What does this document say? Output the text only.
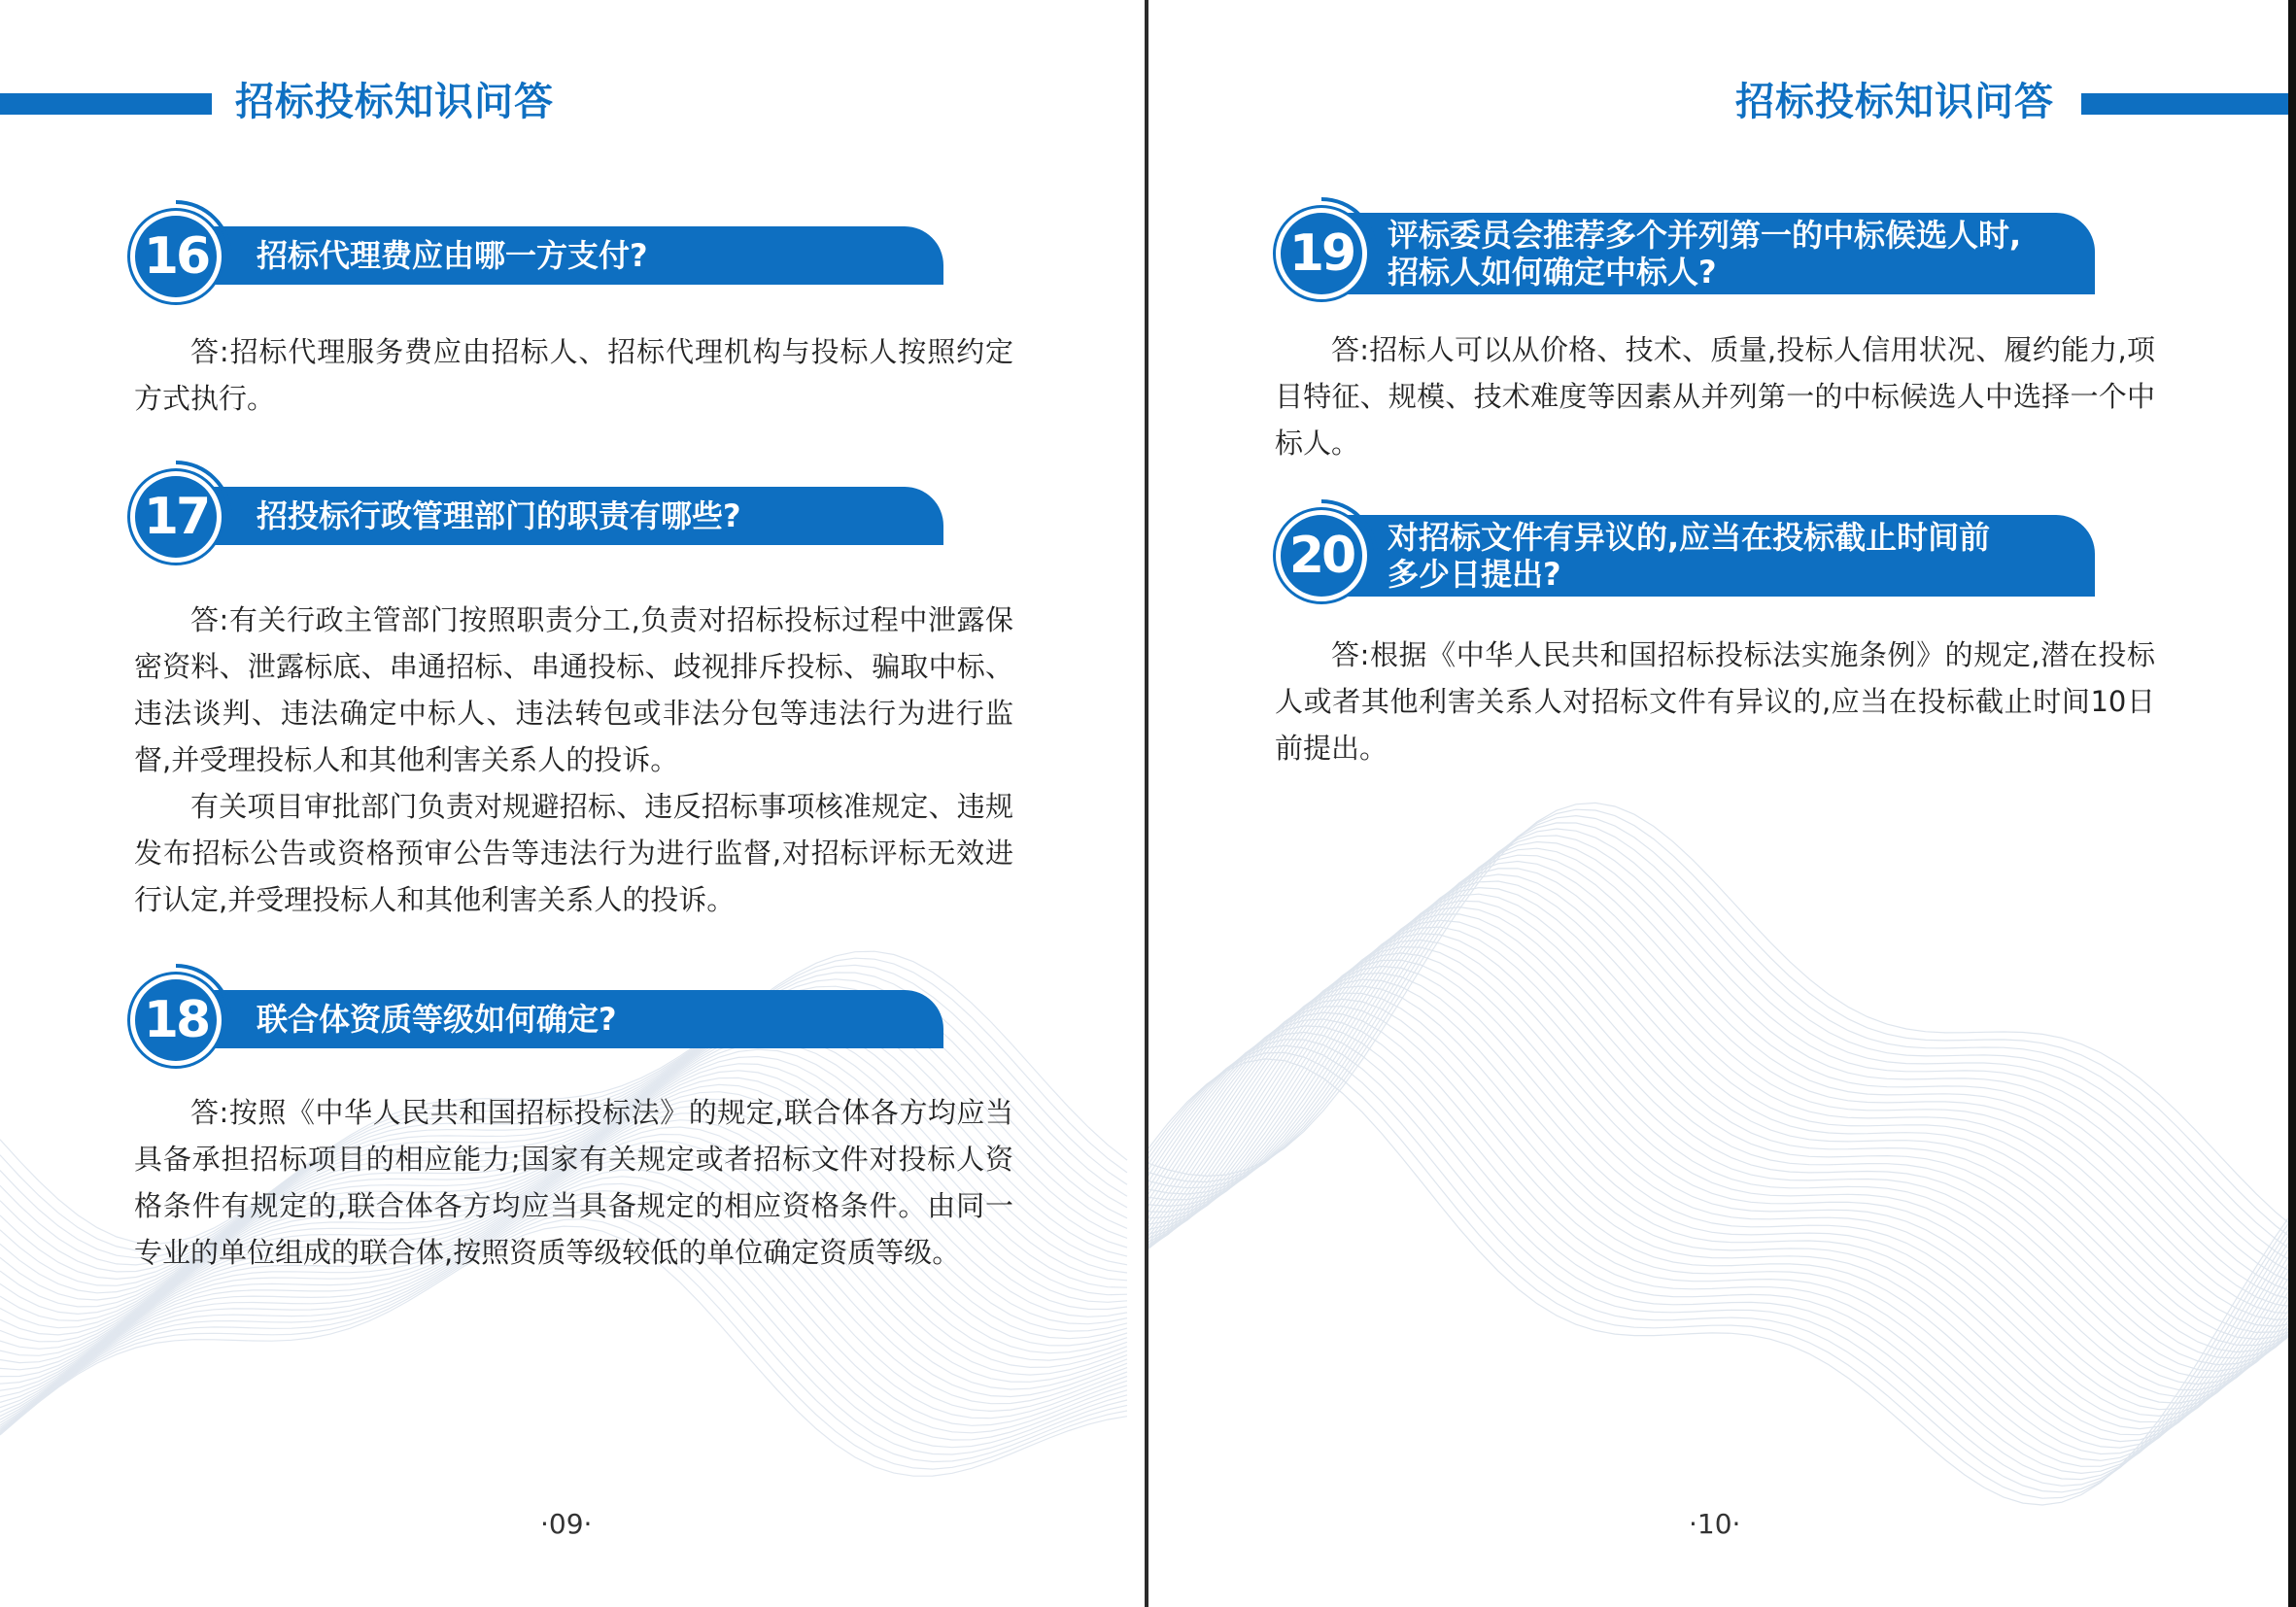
招标投标知识问答
16	招标代理费应由哪一方支付?

答:招标代理服务费应由招标人、招标代理机构与投标人按照约定方式执行。

17	招投标行政管理部门的职责有哪些?

答:有关行政主管部门按照职责分工,负责对招标投标过程中泄露保密资料、泄露标底、串通招标、串通投标、歧视排斥投标、骗取中标、违法谈判、违法确定中标人、违法转包或非法分包等违法行为进行监督,并受理投标人和其他利害关系人的投诉。

有关项目审批部门负责对规避招标、违反招标事项核准规定、违规发布招标公告或资格预审公告等违法行为进行监督,对招标评标无效进行认定,并受理投标人和其他利害关系人的投诉。

18	联合体资质等级如何确定?

答:按照《中华人民共和国招标投标法》的规定,联合体各方均应当具备承担招标项目的相应能力;国家有关规定或者招标文件对投标人资格条件有规定的,联合体各方均应当具备规定的相应资格条件。由同一专业的单位组成的联合体,按照资质等级较低的单位确定资质等级。

·09·
招标投标知识问答
19	评标委员会推荐多个并列第一的中标候选人时,
招标人如何确定中标人?

答:招标人可以从价格、技术、质量,投标人信用状况、履约能力,项目特征、规模、技术难度等因素从并列第一的中标候选人中选择一个中标人。

20	对招标文件有异议的,应当在投标截止时间前
多少日提出?

答:根据《中华人民共和国招标投标法实施条例》的规定,潜在投标人或者其他利害关系人对招标文件有异议的,应当在投标截止时间10日前提出。

·10·
